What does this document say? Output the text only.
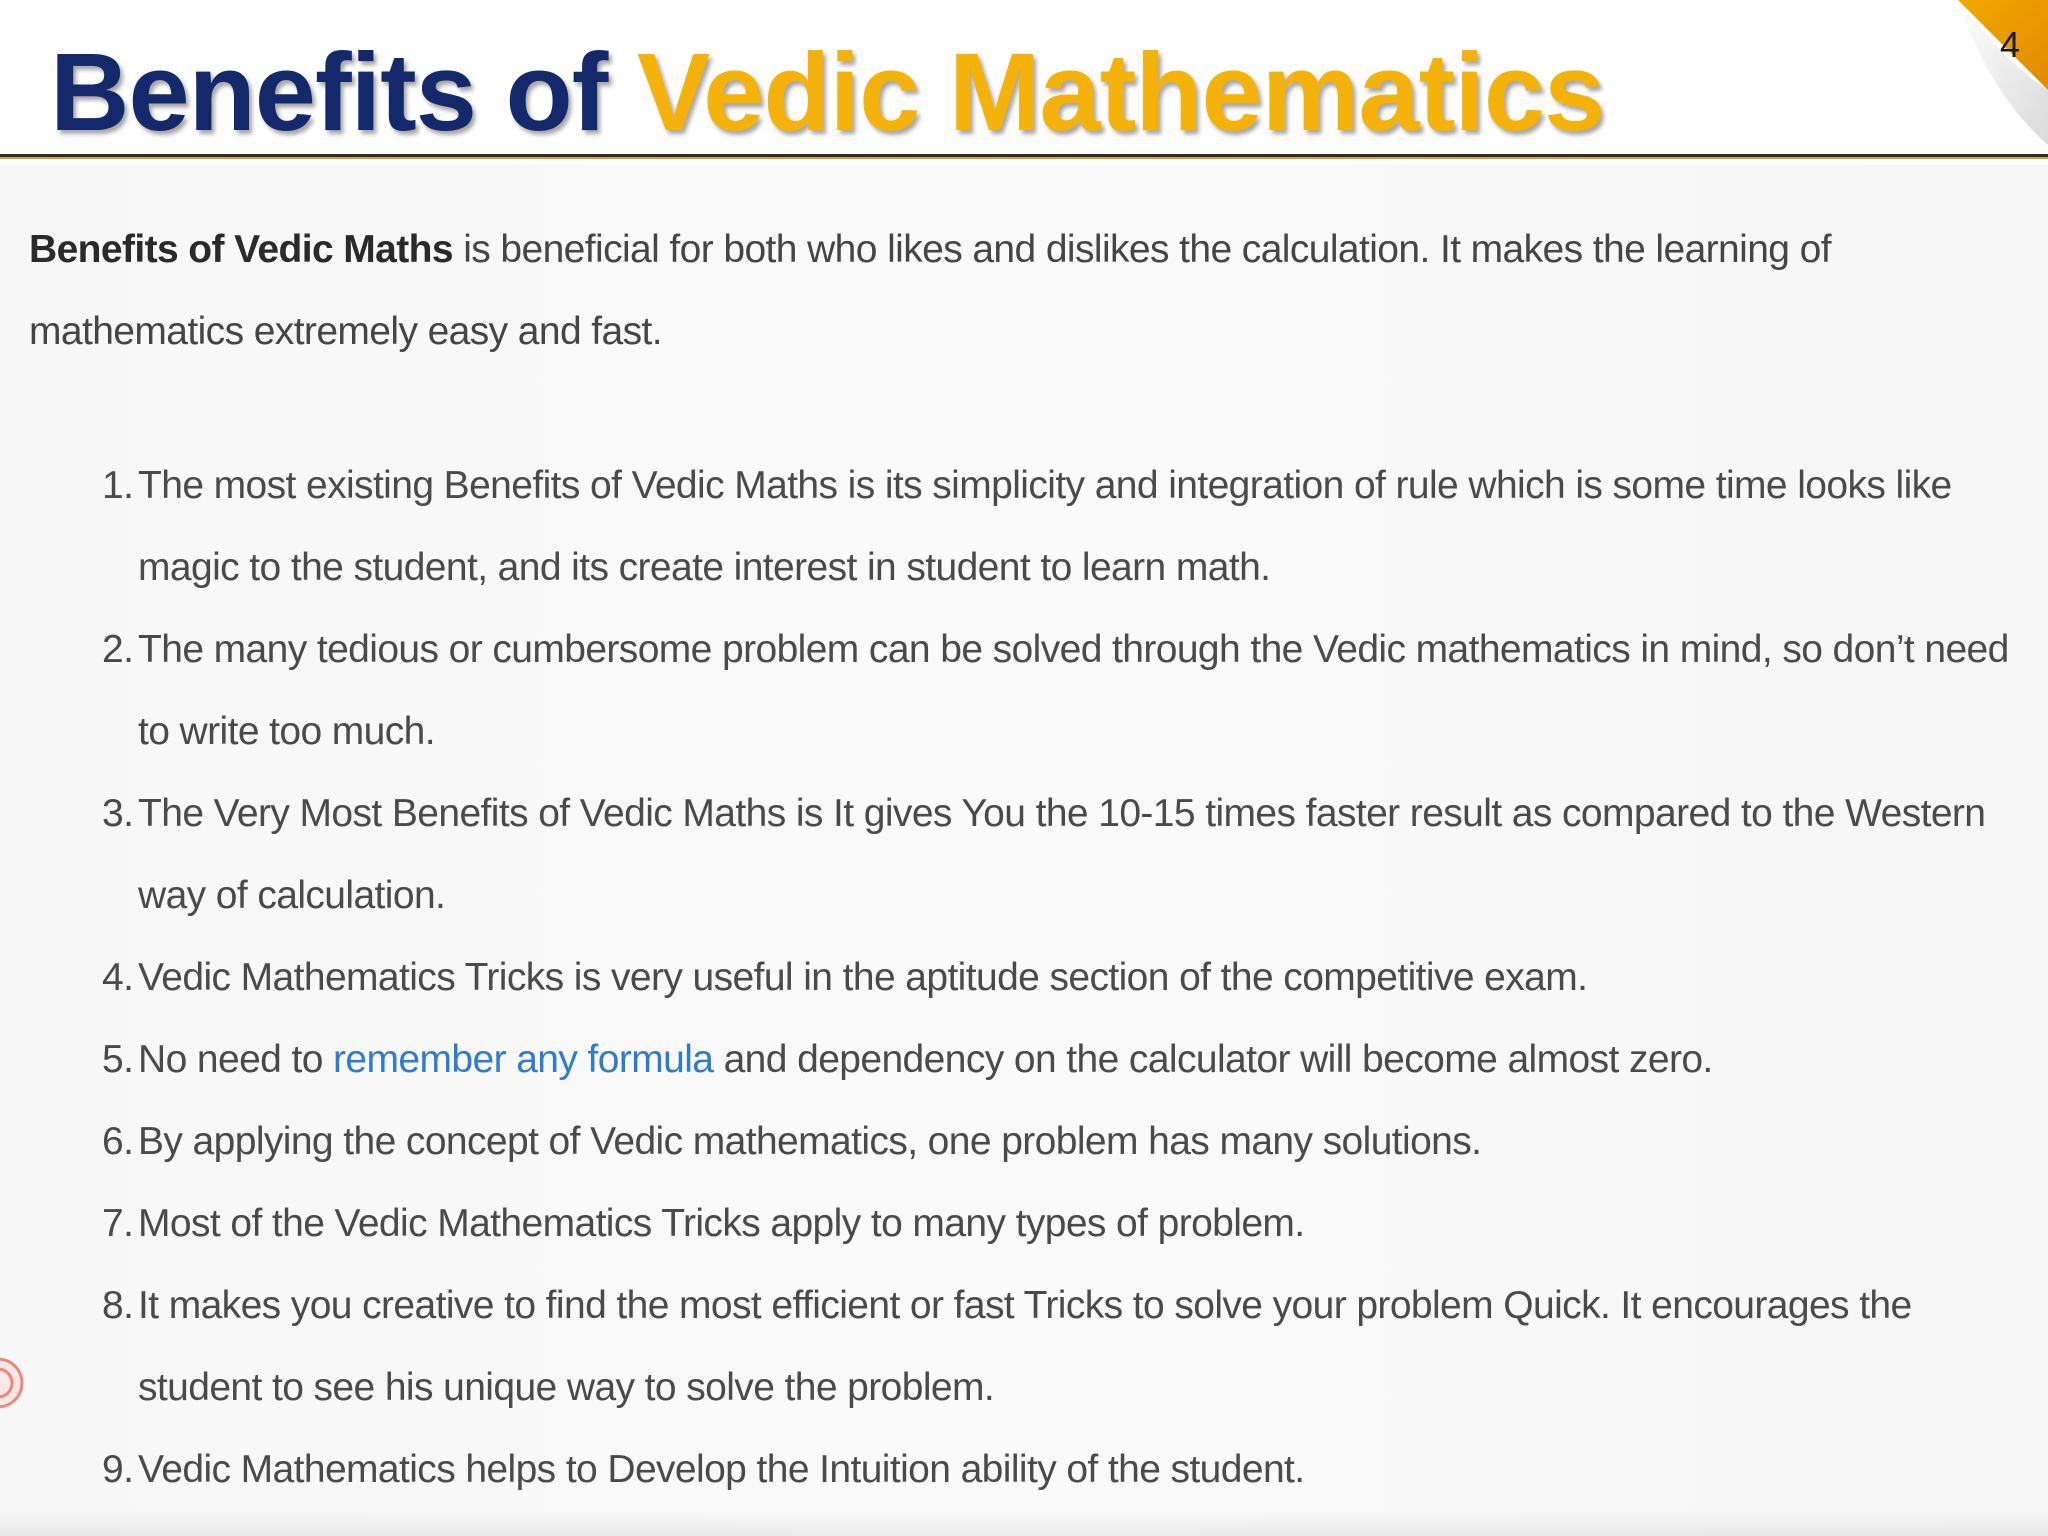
Benefits of Vedic Mathematics	4

Benefits of Vedic Maths is beneficial for both who likes and dislikes the calculation. It makes the learning of mathematics extremely easy and fast.

1. The most existing Benefits of Vedic Maths is its simplicity and integration of rule which is some time looks like magic to the student, and its create interest in student to learn math.
2. The many tedious or cumbersome problem can be solved through the Vedic mathematics in mind, so don’t need to write too much.
3. The Very Most Benefits of Vedic Maths is It gives You the 10-15 times faster result as compared to the Western way of calculation.
4. Vedic Mathematics Tricks is very useful in the aptitude section of the competitive exam.
5. No need to remember any formula and dependency on the calculator will become almost zero.
6. By applying the concept of Vedic mathematics, one problem has many solutions.
7. Most of the Vedic Mathematics Tricks apply to many types of problem.
8. It makes you creative to find the most efficient or fast Tricks to solve your problem Quick. It encourages the student to see his unique way to solve the problem.
9. Vedic Mathematics helps to Develop the Intuition ability of the student.
